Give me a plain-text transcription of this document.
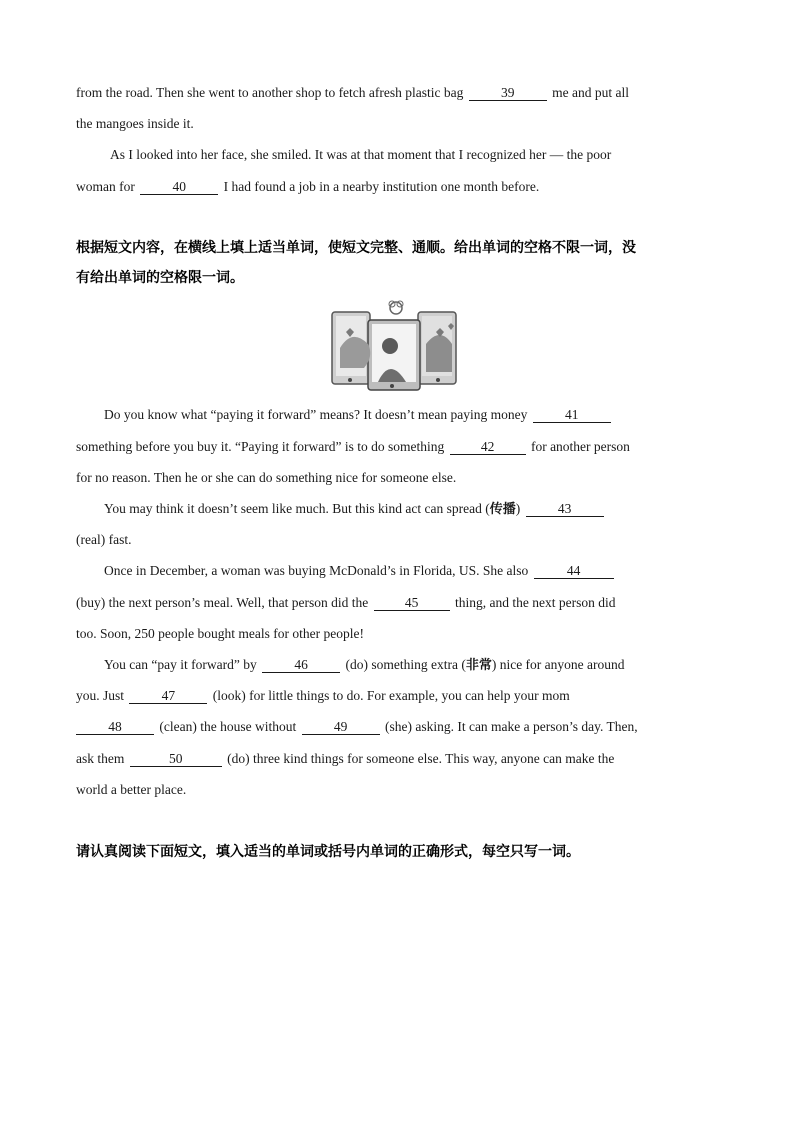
from the road. Then she went to another shop to fetch afresh plastic bag	39	me and put all
the mangoes inside it.
As I looked into her face, she smiled. It was at that moment that I recognized her — the poor
woman for	40	I had found a job in a nearby institution one month before.
根据短文内容，在横线上填上适当单词，使短文完整、通顺。给出单词的空格不限一词，没
有给出单词的空格限一词。
Do you know what “paying it forward” means? It doesn’t mean paying money	41
something before you buy it. “Paying it forward” is to do something	42	for another person
for no reason. Then he or she can do something nice for someone else.
You may think it doesn’t seem like much. But this kind act can spread (传播)	43
(real) fast.
Once in December, a woman was buying McDonald’s in Florida, US. She also	44
(buy) the next person’s meal. Well, that person did the	45	thing, and the next person did
too. Soon, 250 people bought meals for other people!
You can “pay it forward” by	46	(do) something extra (非常) nice for anyone around
you. Just	47	(look) for little things to do. For example, you can help your mom
48	(clean) the house without	49	(she) asking. It can make a person’s day. Then,
ask them	50	(do) three kind things for someone else. This way, anyone can make the
world a better place.
请认真阅读下面短文，填入适当的单词或括号内单词的正确形式，每空只写一词。
